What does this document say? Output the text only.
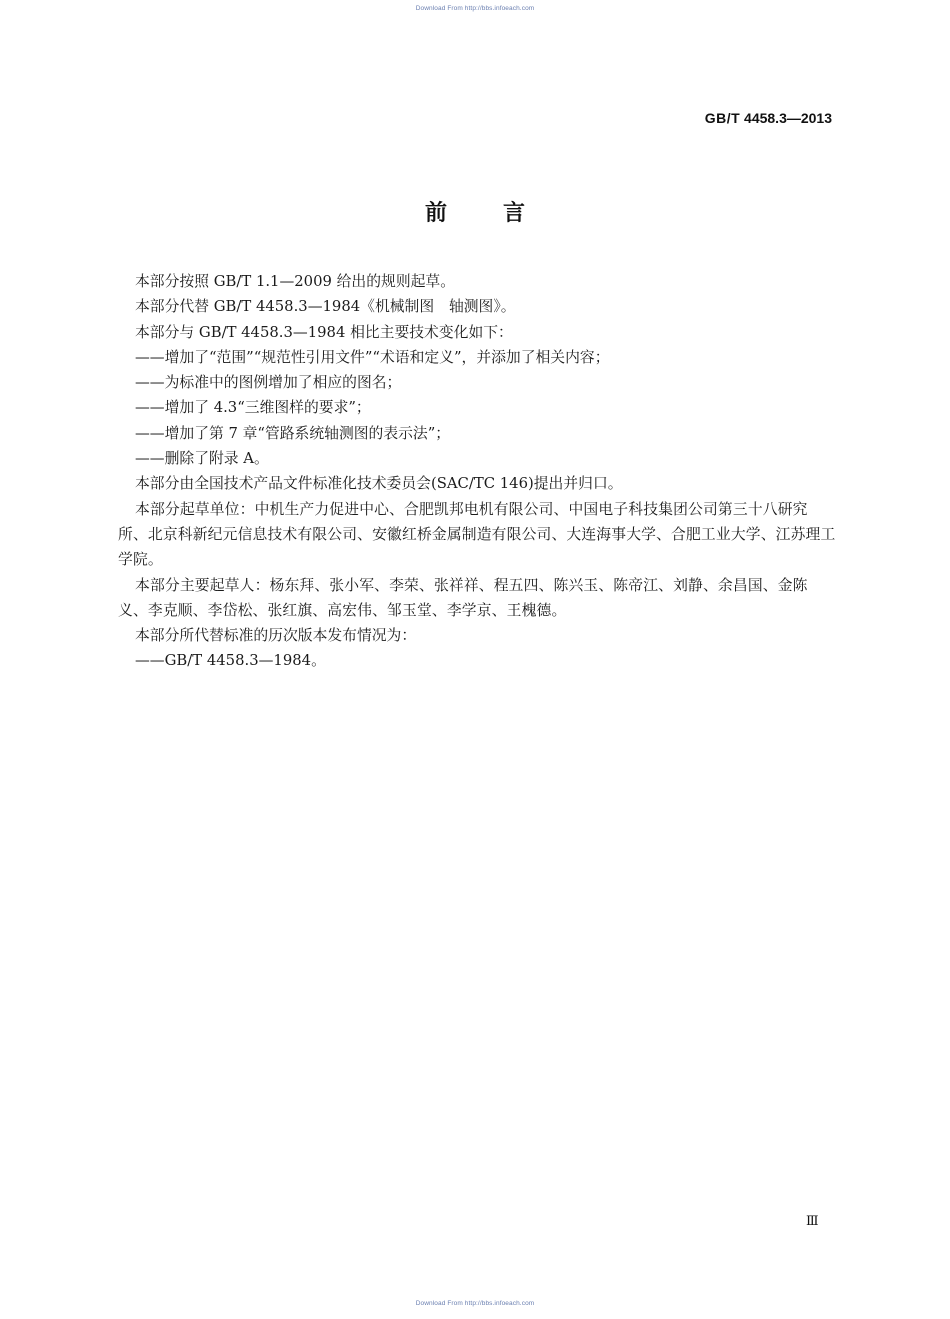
Download From http://bbs.infoeach.com
GB/T 4458.3—2013
前	言

本部分按照 GB/T 1.1—2009 给出的规则起草。

本部分代替 GB/T 4458.3—1984《机械制图　轴测图》。

本部分与 GB/T 4458.3—1984 相比主要技术变化如下：

——增加了“范围”“规范性引用文件”“术语和定义”，并添加了相关内容；

——为标准中的图例增加了相应的图名；

——增加了 4.3“三维图样的要求”；

——增加了第 7 章“管路系统轴测图的表示法”；

——删除了附录 A。

本部分由全国技术产品文件标准化技术委员会(SAC/TC 146)提出并归口。

本部分起草单位：中机生产力促进中心、合肥凯邦电机有限公司、中国电子科技集团公司第三十八研究所、北京科新纪元信息技术有限公司、安徽红桥金属制造有限公司、大连海事大学、合肥工业大学、江苏理工学院。

本部分主要起草人：杨东拜、张小军、李荣、张祥祥、程五四、陈兴玉、陈帝江、刘静、余昌国、金陈义、李克顺、李岱松、张红旗、高宏伟、邹玉堂、李学京、王槐德。

本部分所代替标准的历次版本发布情况为：

——GB/T 4458.3—1984。

Ⅲ
Download From http://bbs.infoeach.com
